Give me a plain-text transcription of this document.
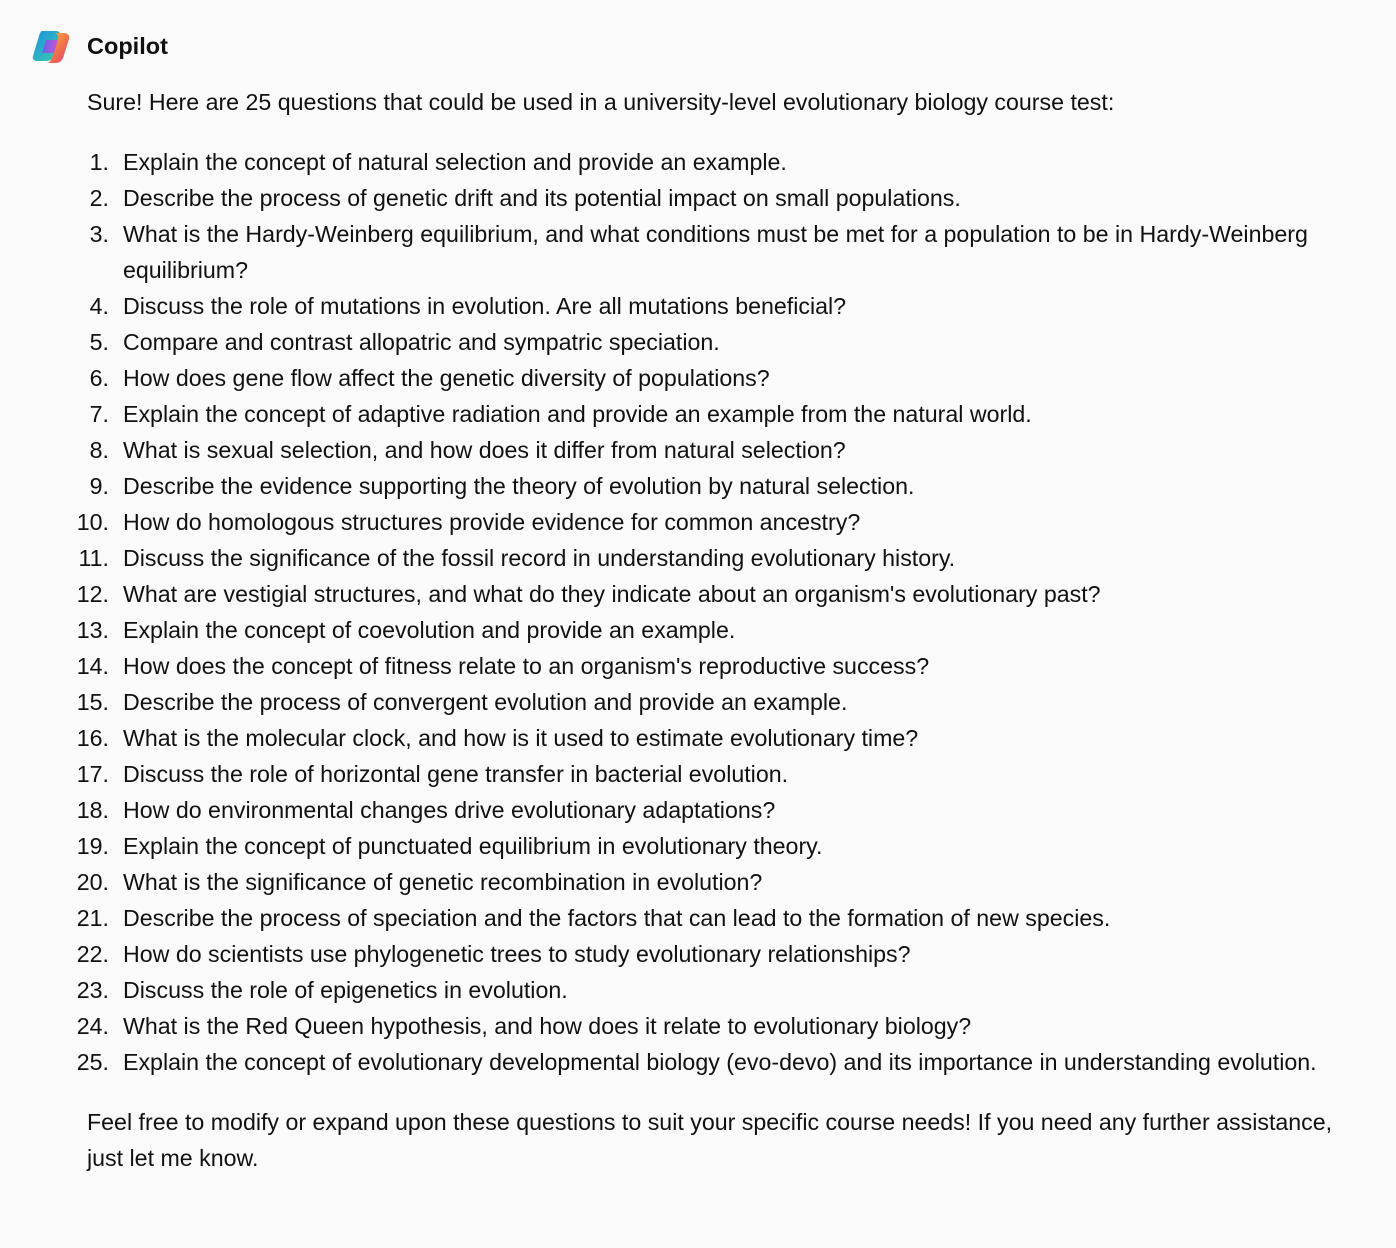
Copilot

Sure! Here are 25 questions that could be used in a university-level evolutionary biology course test:

1. Explain the concept of natural selection and provide an example.
2. Describe the process of genetic drift and its potential impact on small populations.
3. What is the Hardy-Weinberg equilibrium, and what conditions must be met for a population to be in Hardy-Weinberg equilibrium?
4. Discuss the role of mutations in evolution. Are all mutations beneficial?
5. Compare and contrast allopatric and sympatric speciation.
6. How does gene flow affect the genetic diversity of populations?
7. Explain the concept of adaptive radiation and provide an example from the natural world.
8. What is sexual selection, and how does it differ from natural selection?
9. Describe the evidence supporting the theory of evolution by natural selection.
10. How do homologous structures provide evidence for common ancestry?
11. Discuss the significance of the fossil record in understanding evolutionary history.
12. What are vestigial structures, and what do they indicate about an organism's evolutionary past?
13. Explain the concept of coevolution and provide an example.
14. How does the concept of fitness relate to an organism's reproductive success?
15. Describe the process of convergent evolution and provide an example.
16. What is the molecular clock, and how is it used to estimate evolutionary time?
17. Discuss the role of horizontal gene transfer in bacterial evolution.
18. How do environmental changes drive evolutionary adaptations?
19. Explain the concept of punctuated equilibrium in evolutionary theory.
20. What is the significance of genetic recombination in evolution?
21. Describe the process of speciation and the factors that can lead to the formation of new species.
22. How do scientists use phylogenetic trees to study evolutionary relationships?
23. Discuss the role of epigenetics in evolution.
24. What is the Red Queen hypothesis, and how does it relate to evolutionary biology?
25. Explain the concept of evolutionary developmental biology (evo-devo) and its importance in understanding evolution.

Feel free to modify or expand upon these questions to suit your specific course needs! If you need any further assistance, just let me know.
